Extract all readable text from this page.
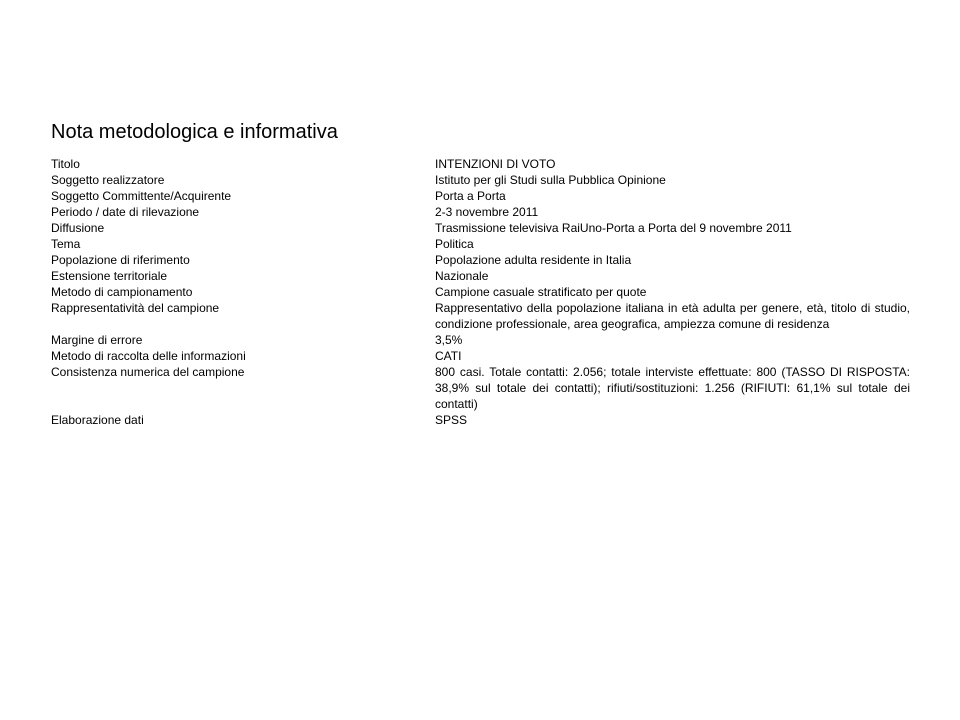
Nota metodologica e informativa
Titolo	INTENZIONI DI VOTO
Soggetto realizzatore	Istituto per gli Studi sulla Pubblica Opinione
Soggetto Committente/Acquirente	Porta a Porta
Periodo / date di rilevazione	2-3 novembre 2011
Diffusione	Trasmissione televisiva RaiUno-Porta a Porta del 9 novembre 2011
Tema	Politica
Popolazione di riferimento	Popolazione adulta residente in Italia
Estensione territoriale	Nazionale
Metodo di campionamento	Campione casuale stratificato per quote
Rappresentatività del campione	Rappresentativo della popolazione italiana in età adulta per genere, età, titolo di studio, condizione professionale, area geografica, ampiezza comune di residenza
Margine di errore	3,5%
Metodo di raccolta delle informazioni	CATI
Consistenza numerica del campione	800 casi. Totale contatti: 2.056; totale interviste effettuate: 800 (TASSO DI RISPOSTA: 38,9% sul totale dei contatti); rifiuti/sostituzioni: 1.256 (RIFIUTI: 61,1% sul totale dei contatti)
Elaborazione dati	SPSS
